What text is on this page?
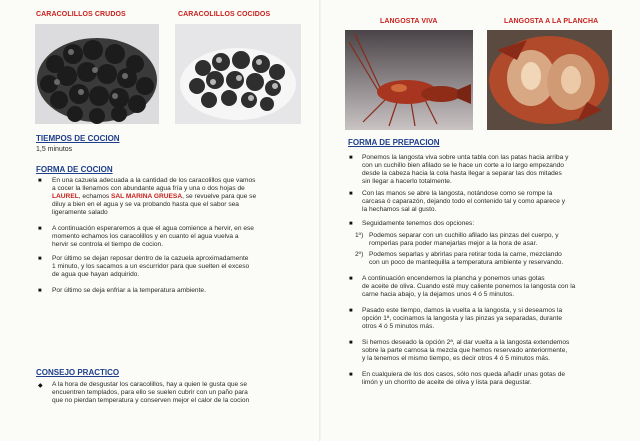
CARACOLILLOS CRUDOS	CARACOLILLOS COCIDOS
TIEMPOS DE COCION
1,5 minutos
FORMA DE COCION
■ En una cazuela adecuada a la cantidad de los caracolillos que vamos
a cocer la llenamos con abundante agua fría y una o dos hojas de
LAUREL, echamos SAL MARINA GRUESA, se revuelve para que se
diluy a bien en el agua y se va probando hasta que el sabor sea
ligeramente salado
■ A continuación esperaremos a que el agua comience a hervir, en ese
momento echamos los caracolillos y en cuanto el agua vuelva a
hervir se controla el tiempo de cocion.
■ Por último se dejan reposar dentro de la cazuela aproximadamente
1 minuto, y los sacamos a un escurridor para que suelten el exceso
de agua que hayan adquirido.
■ Por último se deja enfriar a la temperatura ambiente.
CONSEJO PRACTICO
◆ A la hora de desgustar los caracolillos, hay a quien le gusta que se
encuentren templados, para ello se suelen cubrir con un paño para
que no pierdan temperatura y conserven mejor el calor de la cocion
LANGOSTA VIVA	LANGOSTA A LA PLANCHA
FORMA DE PREPACION
■ Ponemos la langosta viva sobre unta tabla con las patas hacia arriba y
con un cuchillo bien afilado se le hace un corte a lo largo empezando
desde la cabeza hacia la cola hasta llegar a separar las dos mitades
sin llegar a hacerlo totalmente.
■ Con las manos se abre la langosta, notándose como se rompe la
carcasa ó caparazón, dejando todo el contenido tal y como aparece y
la hechamos sal al gusto.
■ Seguidamente tenemos dos opciones:
1º) Podemos separar con un cuchillo afilado las pinzas del cuerpo, y
romperlas para poder manejarlas mejor a la hora de asar.
2º) Podemos separlas y abrirlas para retirar toda la carne, mezclando
con un poco de mantequilla a temperatura ambiente y reservando.
■ A continuación encendemos la plancha y ponemos unas gotas
de aceite de oliva. Cuando esté muy caliente ponemos la langosta con la
carne hacia abajo, y la dejamos unos 4 ó 5 minutos.
■ Pasado este tiempo, damos la vuelta a la langosta, y si deseamos la
opción 1ª, cocinamos la langosta y las pinzas ya separadas, durante
otros 4 ó 5 minutos más.
■ Si hemos deseado la opción 2ª, al dar vuelta a la langosta extendemos
sobre la parte carnosa la mezcla que hemos reservado anteriormente,
y la tenemos el mismo tiempo, es decir otros 4 ó 5 minutos más.
■ En cualquiera de los dos casos, sólo nos queda añadir unas gotas de
limón y un chorrito de aceite de oliva y lista para degustar.
